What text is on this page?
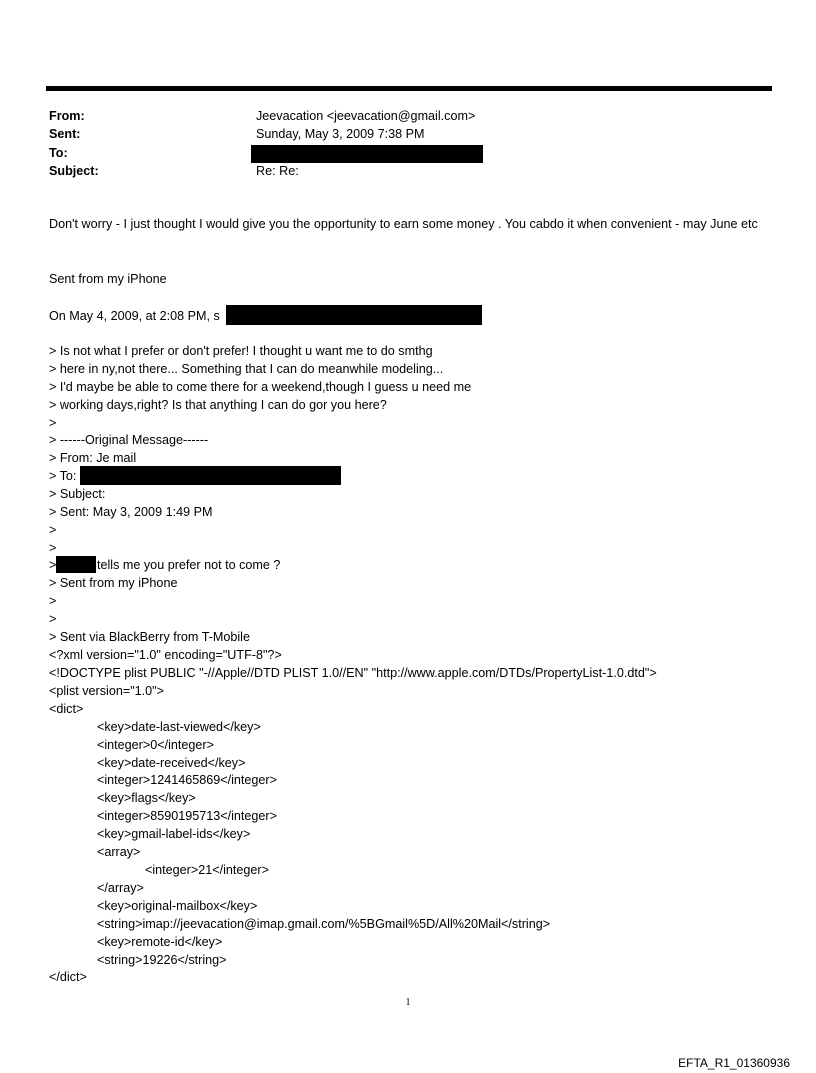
From:	Jeevacation <jeevacation@gmail.com>
Sent:	Sunday, May 3, 2009 7:38 PM
To:
Subject:	Re: Re:
Don't worry - I just thought I would give you the opportunity to earn some money . You cabdo it when convenient - may June etc
Sent from my iPhone
On May 4, 2009, at 2:08 PM, s
> Is not what I prefer or don't prefer! I thought u want me to do smthg
> here in ny,not there... Something that I can do meanwhile modeling...
> I'd maybe be able to come there for a weekend,though I guess u need me
> working days,right? Is that anything I can do gor you here?
>
> ------Original Message------
> From: Je mail
> To:
> Subject:
> Sent: May 3, 2009 1:49 PM
>
>
>	tells me you prefer not to come ?
> Sent from my iPhone
>
>
> Sent via BlackBerry from T-Mobile
<?xml version="1.0" encoding="UTF-8"?>
<!DOCTYPE plist PUBLIC "-//Apple//DTD PLIST 1.0//EN" "http://www.apple.com/DTDs/PropertyList-1.0.dtd">
<plist version="1.0">
<dict>
<key>date-last-viewed</key>
<integer>0</integer>
<key>date-received</key>
<integer>1241465869</integer>
<key>flags</key>
<integer>8590195713</integer>
<key>gmail-label-ids</key>
<array>
<integer>21</integer>
</array>
<key>original-mailbox</key>
<string>imap://jeevacation@imap.gmail.com/%5BGmail%5D/All%20Mail</string>
<key>remote-id</key>
<string>19226</string>
</dict>
1
EFTA_R1_01360936
